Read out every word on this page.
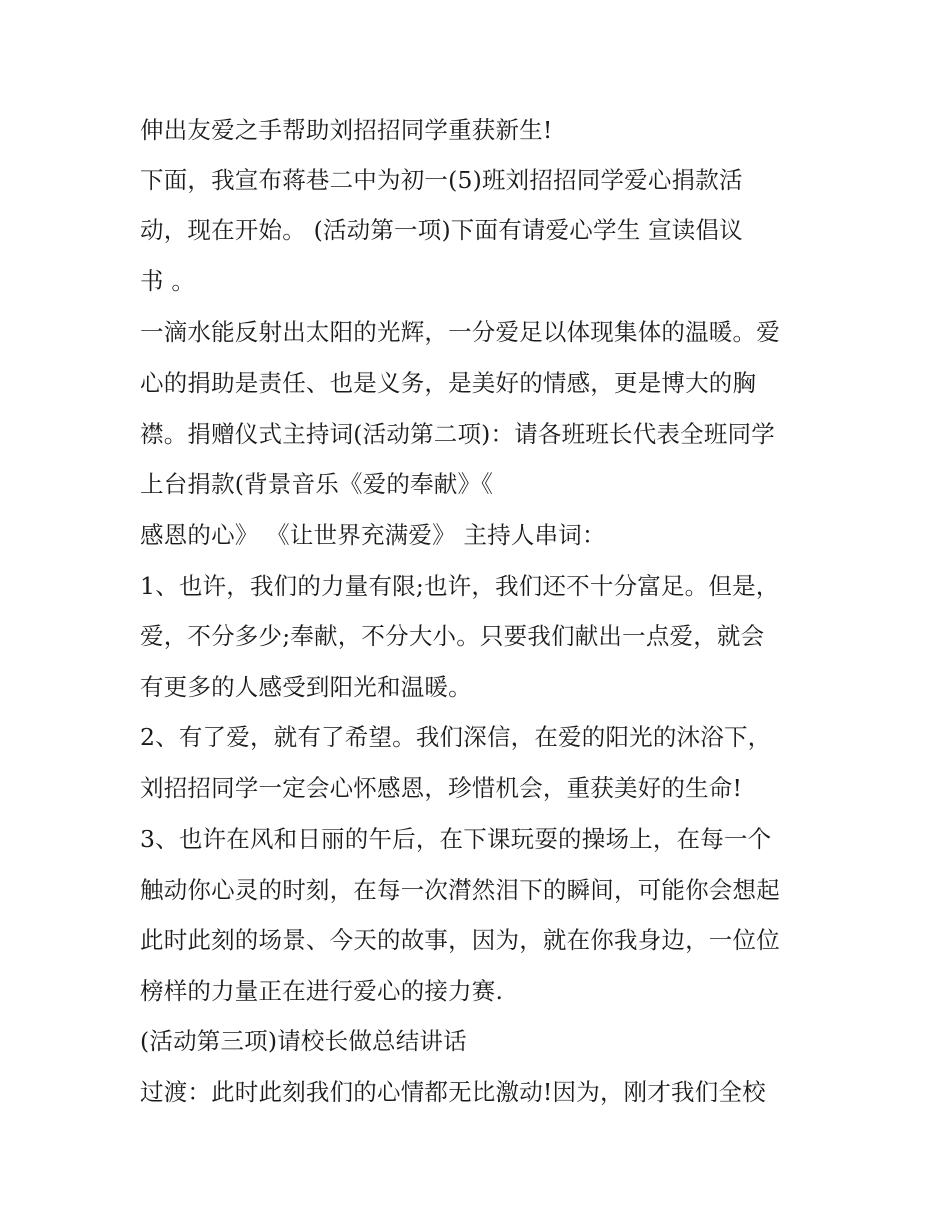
伸出友爱之手帮助刘招招同学重获新生!
下面，我宣布蒋巷二中为初一(5)班刘招招同学爱心捐款活
动，现在开始。 (活动第一项)下面有请爱心学生 宣读倡议
书 。
一滴水能反射出太阳的光辉，一分爱足以体现集体的温暖。爱
心的捐助是责任、也是义务，是美好的情感，更是博大的胸
襟。捐赠仪式主持词(活动第二项)：请各班班长代表全班同学
上台捐款(背景音乐《爱的奉献》《
感恩的心》 《让世界充满爱》 主持人串词：
1、也许，我们的力量有限;也许，我们还不十分富足。但是，
爱，不分多少;奉献，不分大小。只要我们献出一点爱，就会
有更多的人感受到阳光和温暖。
2、有了爱，就有了希望。我们深信，在爱的阳光的沐浴下，
刘招招同学一定会心怀感恩，珍惜机会，重获美好的生命!
3、也许在风和日丽的午后，在下课玩耍的操场上，在每一个
触动你心灵的时刻，在每一次潸然泪下的瞬间，可能你会想起
此时此刻的场景、今天的故事，因为，就在你我身边，一位位
榜样的力量正在进行爱心的接力赛.
(活动第三项)请校长做总结讲话
过渡：此时此刻我们的心情都无比激动!因为，刚才我们全校
